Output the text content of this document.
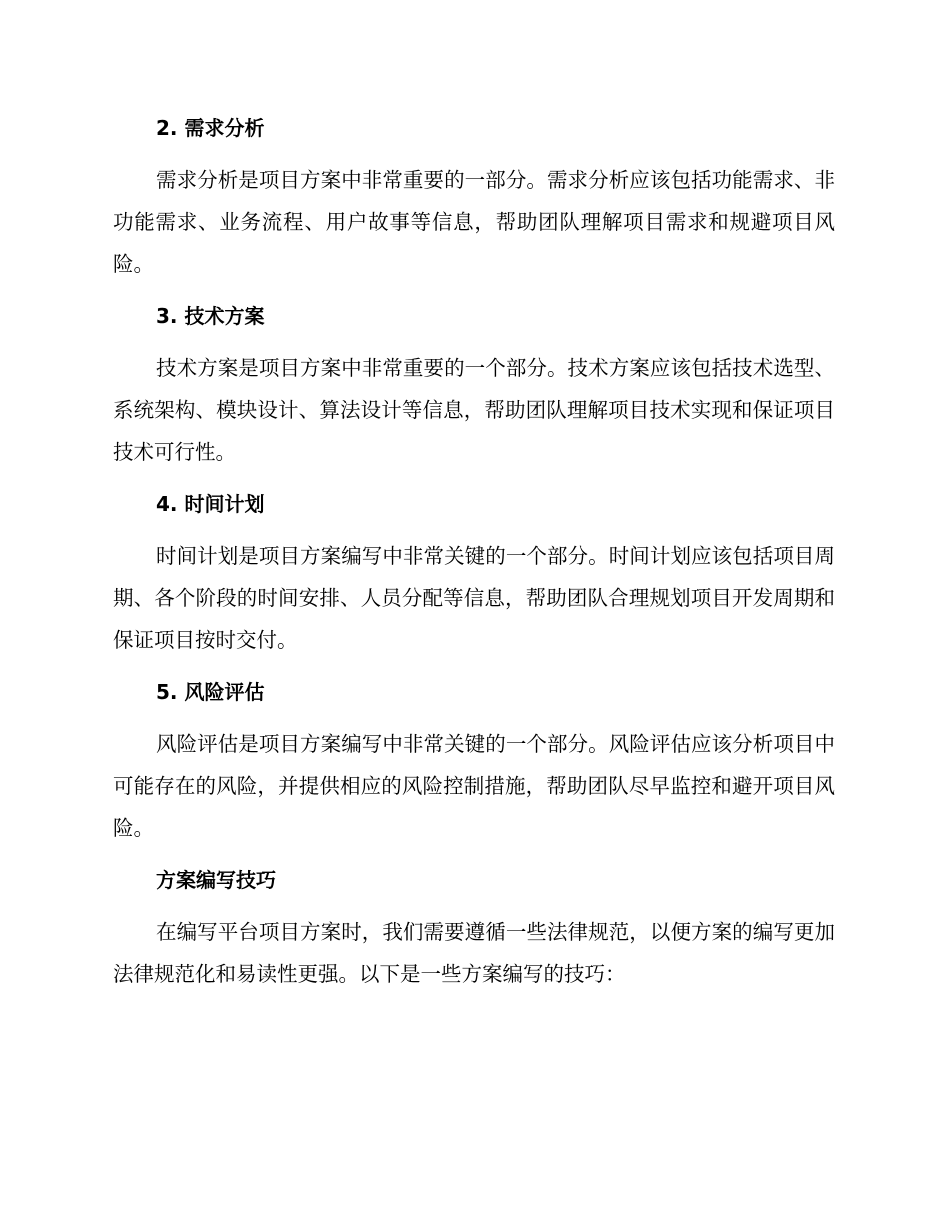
2. 需求分析

需求分析是项目方案中非常重要的一部分。需求分析应该包括功能需求、非功能需求、业务流程、用户故事等信息，帮助团队理解项目需求和规避项目风险。

3. 技术方案

技术方案是项目方案中非常重要的一个部分。技术方案应该包括技术选型、系统架构、模块设计、算法设计等信息，帮助团队理解项目技术实现和保证项目技术可行性。

4. 时间计划

时间计划是项目方案编写中非常关键的一个部分。时间计划应该包括项目周期、各个阶段的时间安排、人员分配等信息，帮助团队合理规划项目开发周期和保证项目按时交付。

5. 风险评估

风险评估是项目方案编写中非常关键的一个部分。风险评估应该分析项目中可能存在的风险，并提供相应的风险控制措施，帮助团队尽早监控和避开项目风险。

方案编写技巧

在编写平台项目方案时，我们需要遵循一些法律规范，以便方案的编写更加法律规范化和易读性更强。以下是一些方案编写的技巧：
